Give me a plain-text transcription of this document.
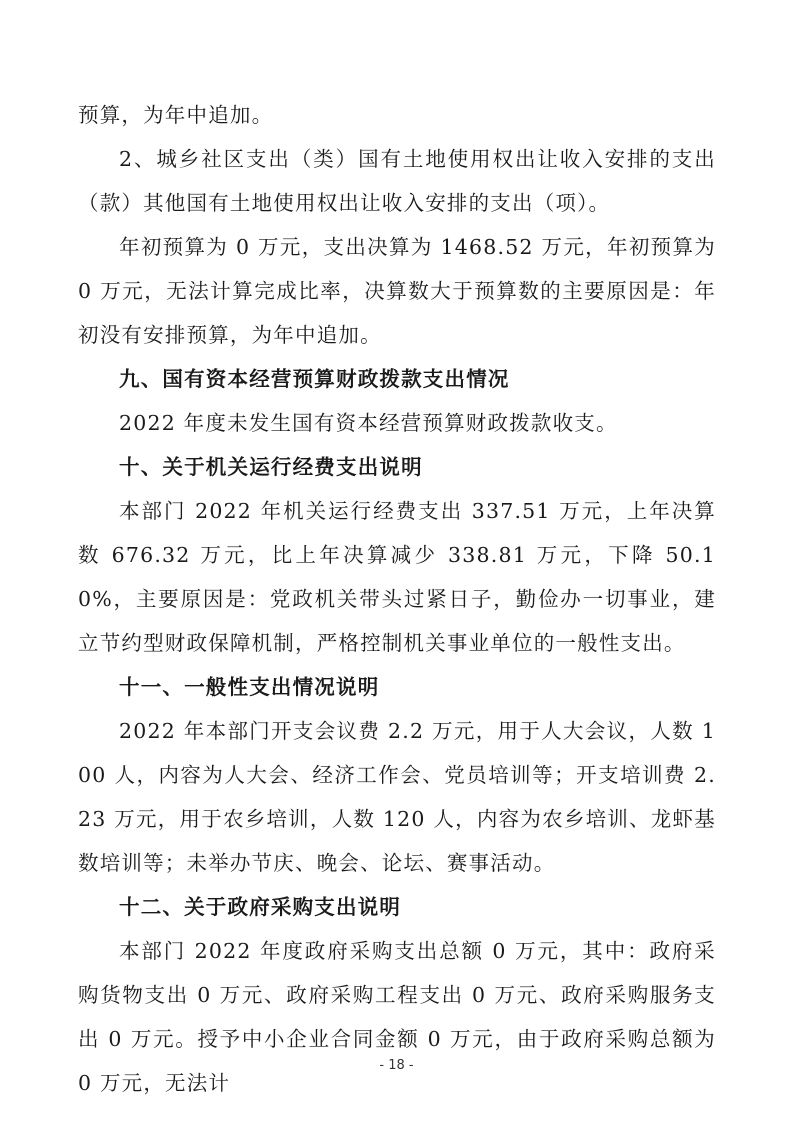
预算，为年中追加。

2、城乡社区支出（类）国有土地使用权出让收入安排的支出（款）其他国有土地使用权出让收入安排的支出（项）。

年初预算为 0 万元，支出决算为 1468.52 万元，年初预算为 0 万元，无法计算完成比率，决算数大于预算数的主要原因是：年初没有安排预算，为年中追加。

九、国有资本经营预算财政拨款支出情况

2022 年度未发生国有资本经营预算财政拨款收支。

十、关于机关运行经费支出说明

本部门 2022 年机关运行经费支出 337.51 万元，上年决算数 676.32 万元，比上年决算减少 338.81 万元，下降 50.10%，主要原因是：党政机关带头过紧日子，勤俭办一切事业，建立节约型财政保障机制，严格控制机关事业单位的一般性支出。

十一、一般性支出情况说明

2022 年本部门开支会议费 2.2 万元，用于人大会议，人数 100 人，内容为人大会、经济工作会、党员培训等；开支培训费 2.23 万元，用于农乡培训，人数 120 人，内容为农乡培训、龙虾基数培训等；未举办节庆、晚会、论坛、赛事活动。

十二、关于政府采购支出说明

本部门 2022 年度政府采购支出总额 0 万元，其中：政府采购货物支出 0 万元、政府采购工程支出 0 万元、政府采购服务支出 0 万元。授予中小企业合同金额 0 万元，由于政府采购总额为 0 万元，无法计

- 18 -
